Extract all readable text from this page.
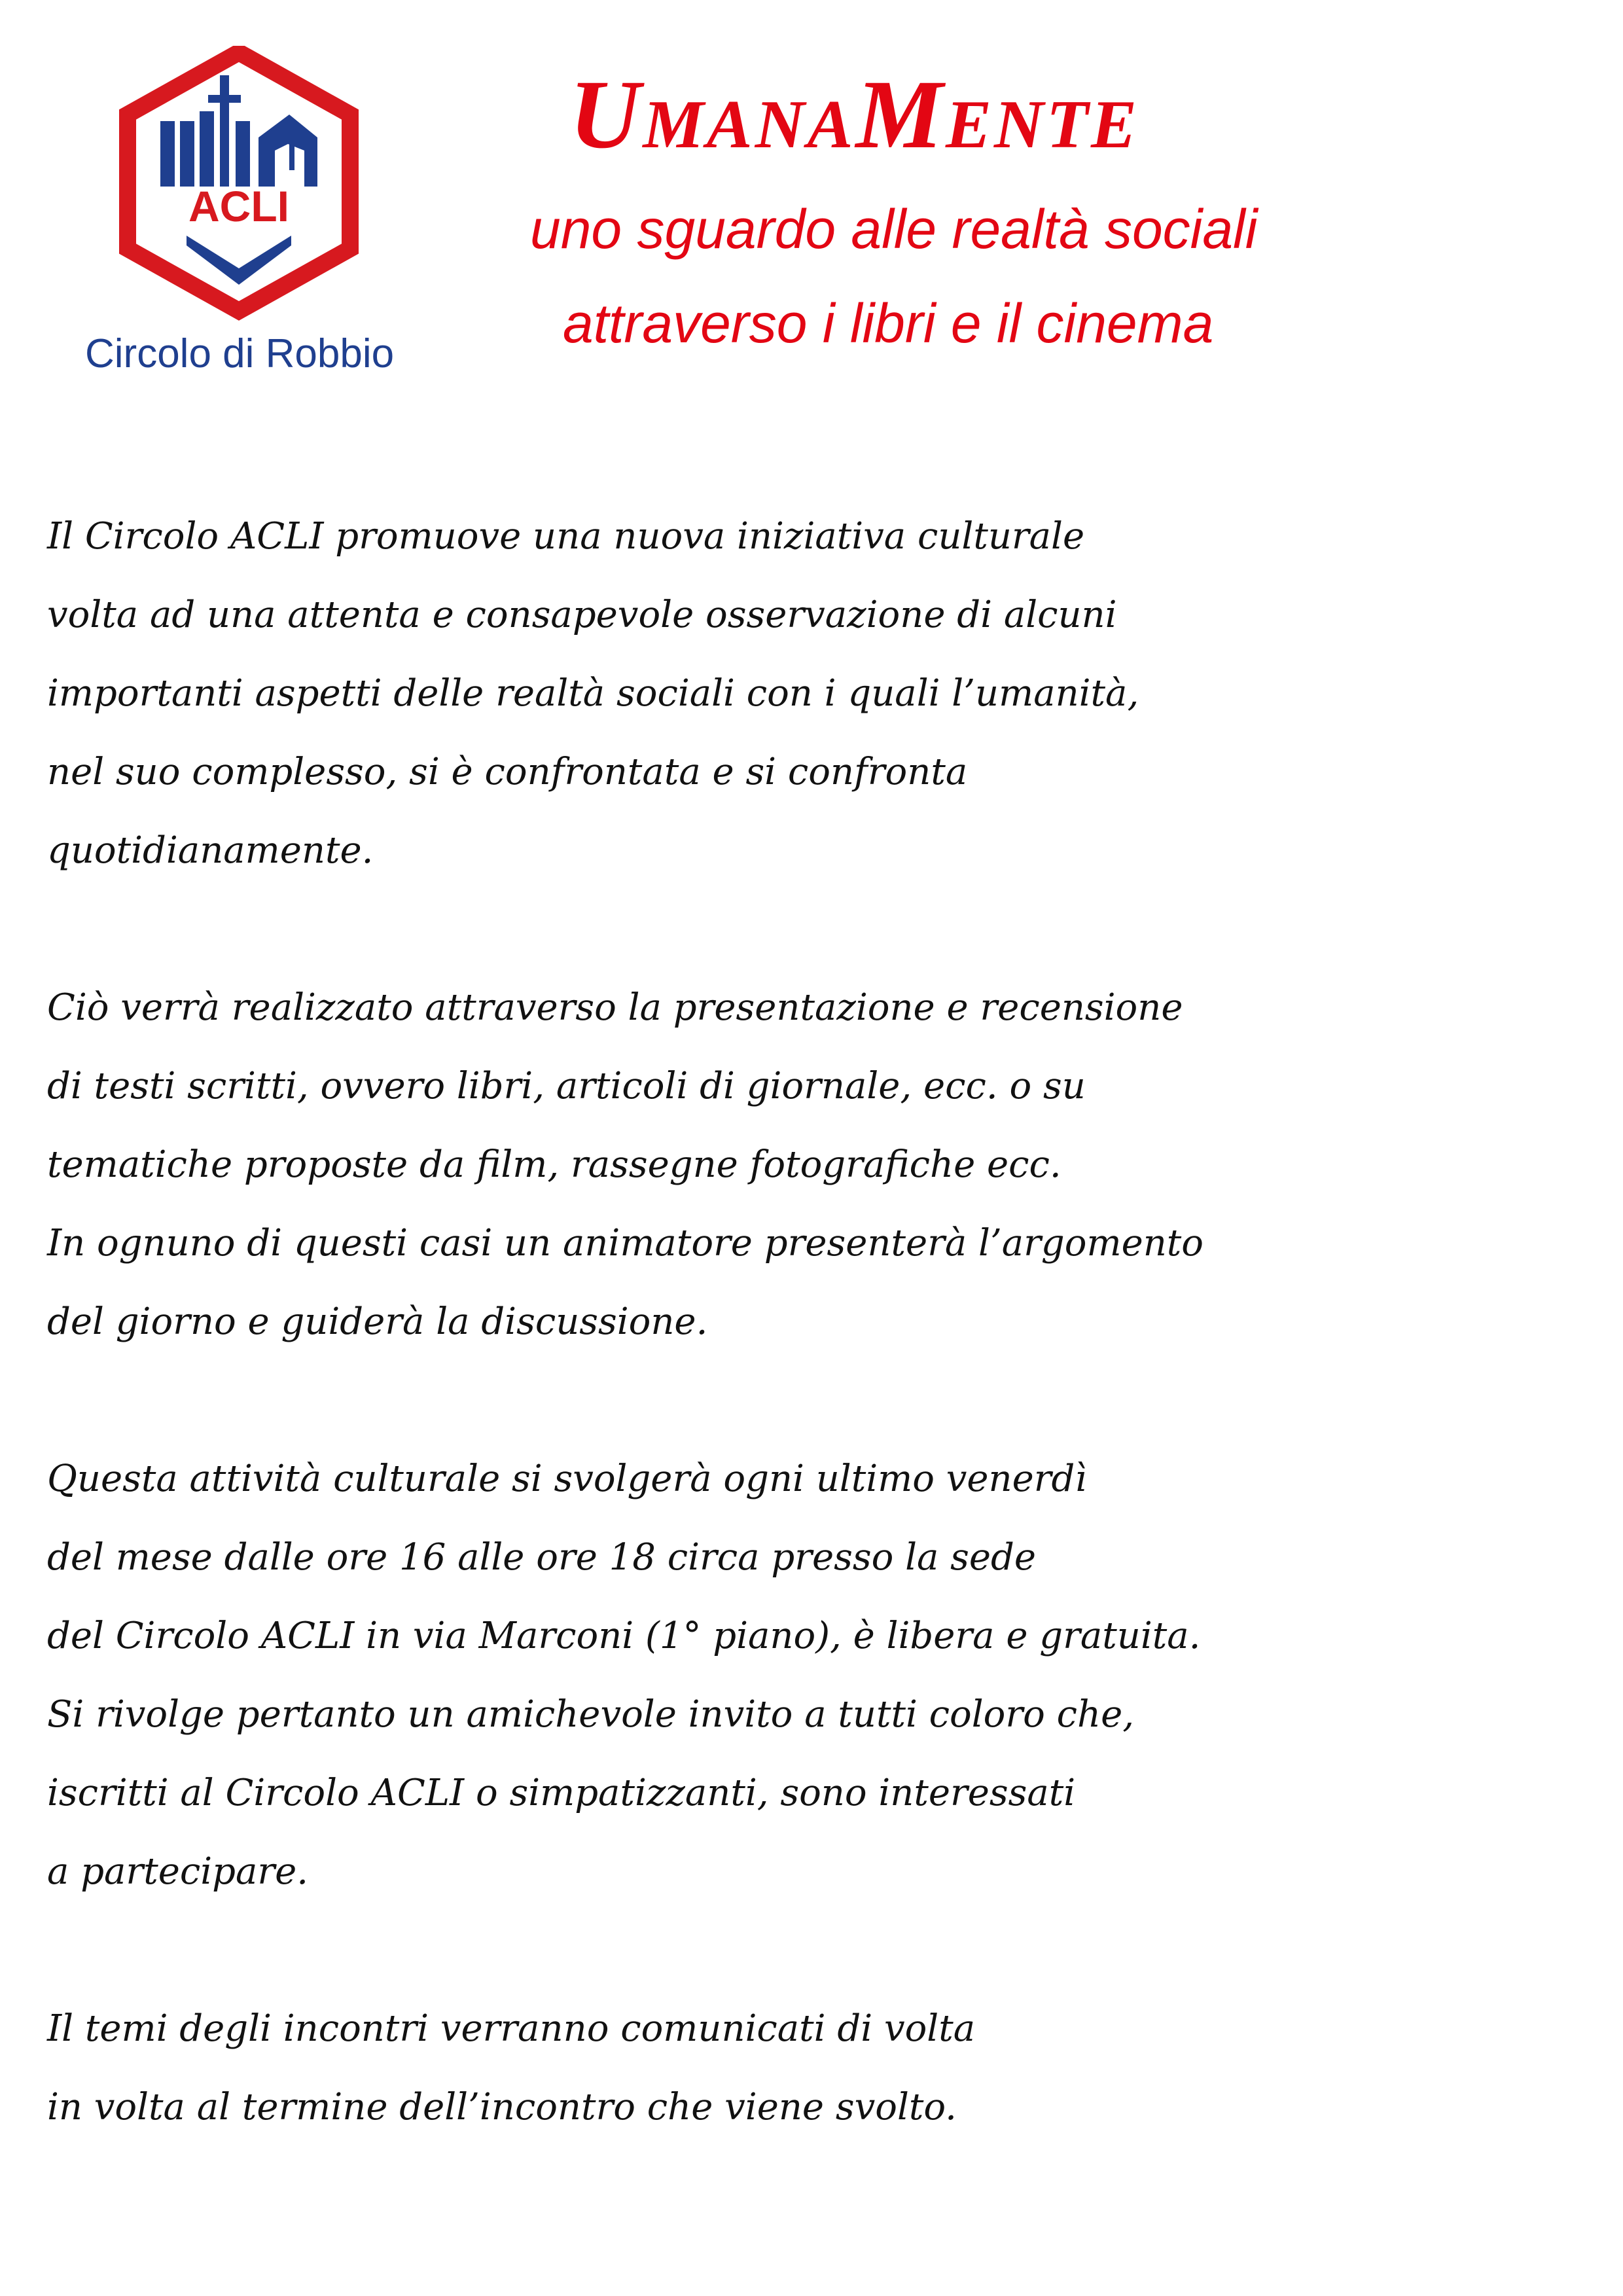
ACLI
Circolo di Robbio
UmanaMente
uno sguardo alle realtà sociali
attraverso i libri e il cinema
Il Circolo ACLI promuove una nuova iniziativa culturale
volta ad una attenta e consapevole osservazione di alcuni
importanti aspetti delle realtà sociali con i quali l’umanità,
nel suo complesso, si è confrontata e si confronta
quotidianamente.
Ciò verrà realizzato attraverso la presentazione e recensione
di testi scritti, ovvero libri, articoli di giornale, ecc. o su
tematiche proposte da film, rassegne fotografiche ecc.
In ognuno di questi casi un animatore presenterà l’argomento
del giorno e guiderà la discussione.
Questa attività culturale si svolgerà ogni ultimo venerdì
del mese dalle ore 16 alle ore 18 circa presso la sede
del Circolo ACLI in via Marconi (1° piano), è libera e gratuita.
Si rivolge pertanto un amichevole invito a tutti coloro che,
iscritti al Circolo ACLI o simpatizzanti, sono interessati
a partecipare.
Il temi degli incontri verranno comunicati di volta
in volta al termine dell’incontro che viene svolto.
